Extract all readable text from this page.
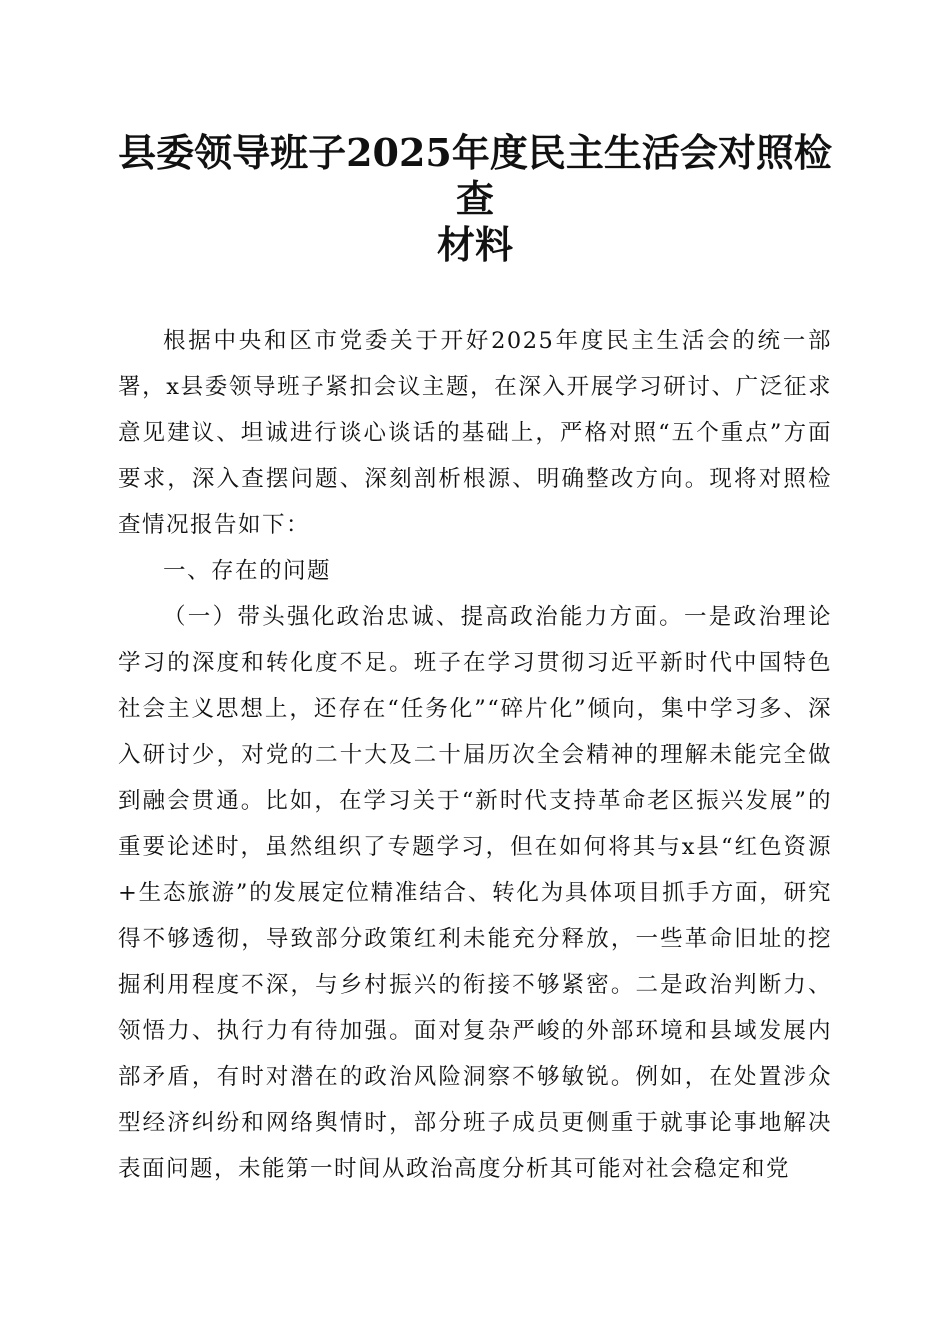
县委领导班子2025年度民主生活会对照检查
材料

根据中央和区市党委关于开好2025年度民主生活会的统一部署，x县委领导班子紧扣会议主题，在深入开展学习研讨、广泛征求意见建议、坦诚进行谈心谈话的基础上，严格对照“五个重点”方面要求，深入查摆问题、深刻剖析根源、明确整改方向。现将对照检查情况报告如下：

一、存在的问题

（一）带头强化政治忠诚、提高政治能力方面。一是政治理论学习的深度和转化度不足。班子在学习贯彻习近平新时代中国特色社会主义思想上，还存在“任务化”“碎片化”倾向，集中学习多、深入研讨少，对党的二十大及二十届历次全会精神的理解未能完全做到融会贯通。比如，在学习关于“新时代支持革命老区振兴发展”的重要论述时，虽然组织了专题学习，但在如何将其与x县“红色资源+生态旅游”的发展定位精准结合、转化为具体项目抓手方面，研究得不够透彻，导致部分政策红利未能充分释放，一些革命旧址的挖掘利用程度不深，与乡村振兴的衔接不够紧密。二是政治判断力、领悟力、执行力有待加强。面对复杂严峻的外部环境和县域发展内部矛盾，有时对潜在的政治风险洞察不够敏锐。例如，在处置涉众型经济纠纷和网络舆情时，部分班子成员更侧重于就事论事地解决表面问题，未能第一时间从政治高度分析其可能对社会稳定和党
